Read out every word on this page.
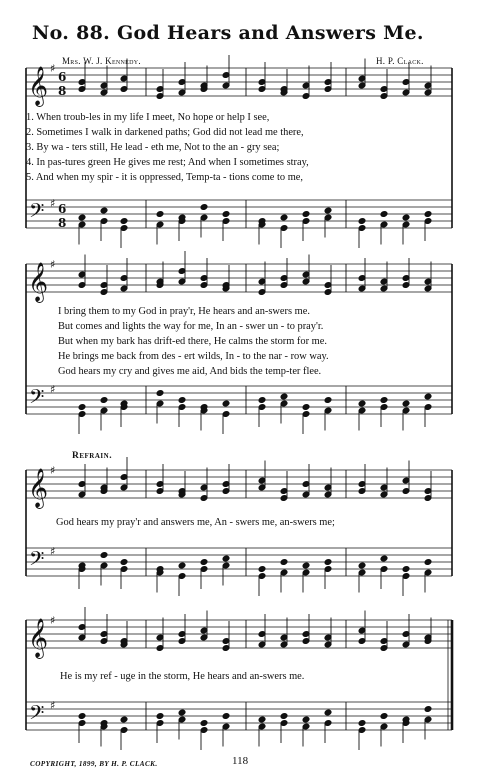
No. 88. God Hears and Answers Me.
Mrs. W. J. Kennedy.	H. P. Clack.
𝄞
𝄢
𝄞
𝄢
𝄞
𝄢
𝄞
𝄢
♯
♯
♯
♯
♯
♯
♯
♯
6
8
6
8
1. When troub-les in my life I meet, No hope or help I see,
2. Sometimes I walk in darkened paths; God did not lead me there,
3. By wa - ters still, He lead - eth me, Not to the an - gry sea;
4. In pas-tures green He gives me rest; And when I sometimes stray,
5. And when my spir - it is oppressed, Temp-ta - tions come to me,
I bring them to my God in pray'r, He hears and an-swers me.
But comes and lights the way for me, In an - swer un - to pray'r.
But when my bark has drift-ed there, He calms the storm for me.
He brings me back from des - ert wilds, In - to the nar - row way.
God hears my cry and gives me aid, And bids the temp-ter flee.
Refrain.
God hears my pray'r and answers me, An - swers me, an-swers me;
He is my ref - uge in the storm, He hears and an-swers me.
COPYRIGHT, 1899, BY H. P. CLACK.	118
